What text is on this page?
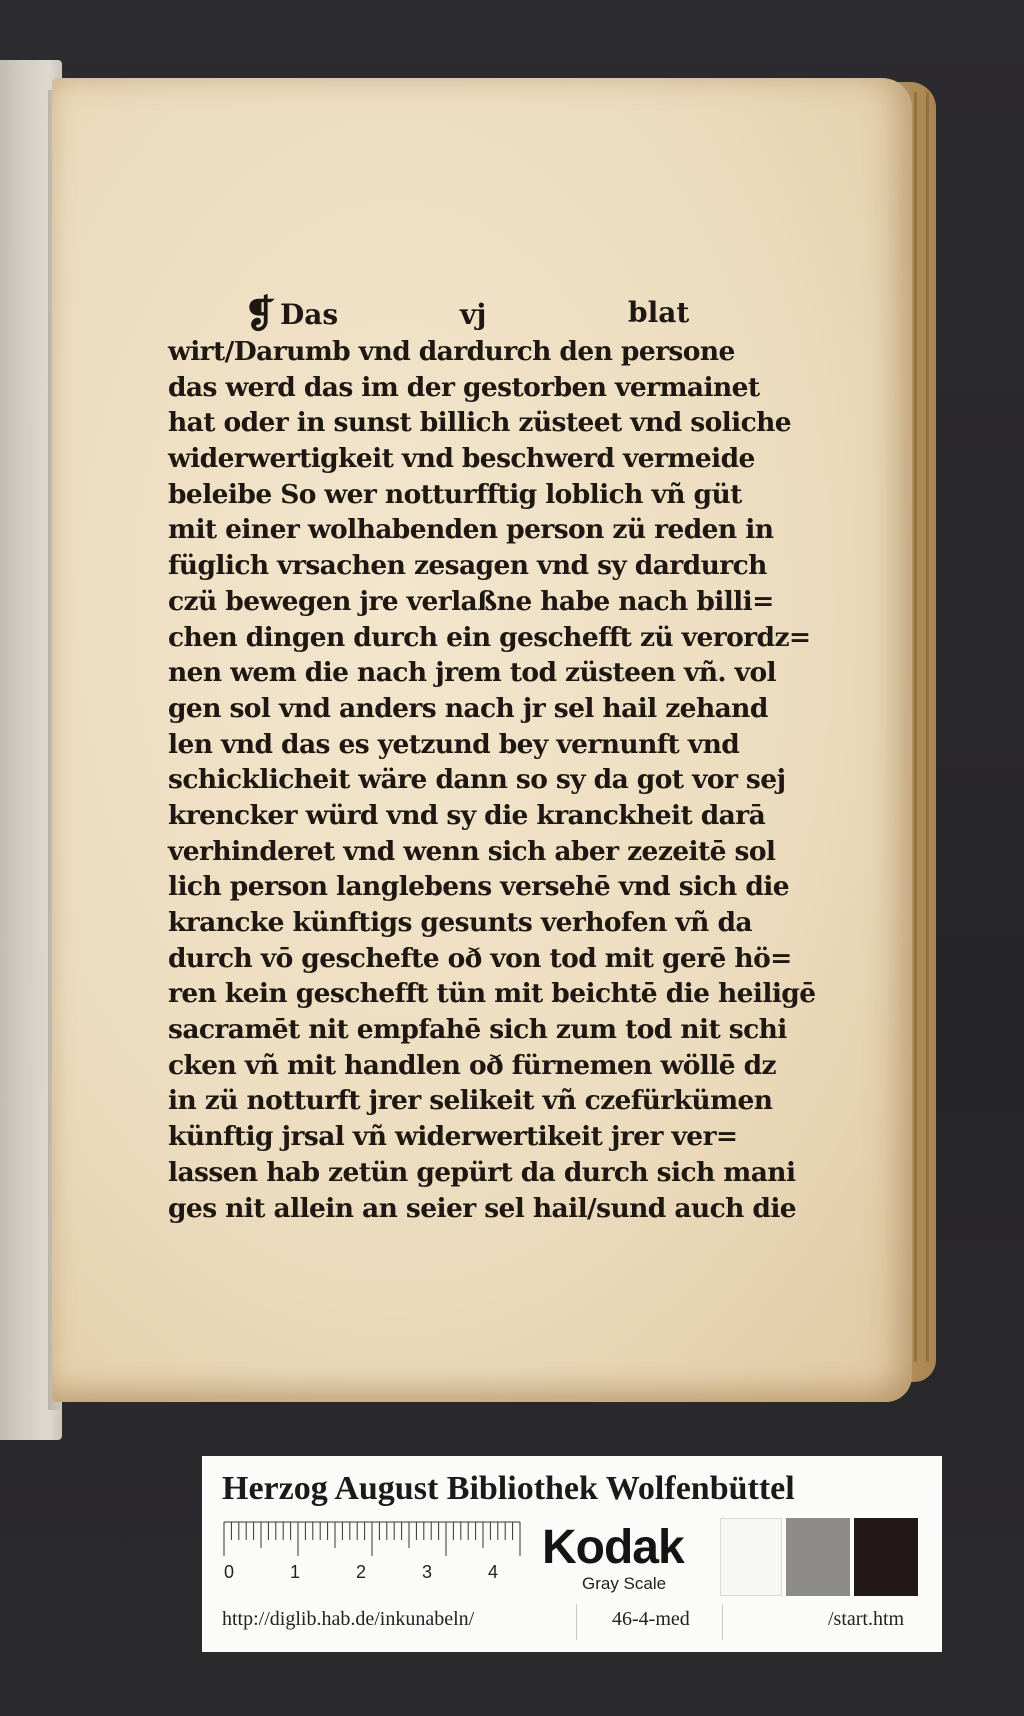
❡ Das	vj	blat
wirt/Darumb vnd dardurch den persone
das werd das im der gestorben vermainet
hat oder in sunst billich züsteet vnd soliche
widerwertigkeit vnd beschwerd vermeide
beleibe So wer notturfftig loblich vñ güt
mit einer wolhabenden person zü reden in
füglich vrsachen zesagen vnd sy dardurch
czü bewegen jre verlaßne habe nach billi=
chen dingen durch ein geschefft zü verordz=
nen wem die nach jrem tod züsteen vñ. vol
gen sol vnd anders nach jr sel hail zehand
len vnd das es yetzund bey vernunft vnd
schicklicheit wäre dann so sy da got vor sej
krencker würd vnd sy die kranckheit darā
verhinderet vnd wenn sich aber zezeitē sol
lich person langlebens versehē vnd sich die
krancke künftigs gesunts verhofen vñ da
durch vō geschefte oð von tod mit gerē hö=
ren kein geschefft tün mit beichtē die heiligē
sacramēt nit empfahē sich zum tod nit schi
cken vñ mit handlen oð fürnemen wöllē dz
in zü notturft jrer selikeit vñ czefürkümen
künftig jrsal vñ widerwertikeit jrer ver=
lassen hab zetün gepürt da durch sich mani
ges nit allein an seier sel hail/sund auch die
Herzog August Bibliothek Wolfenbüttel
0	1	2	3	4 Kodak
Gray Scale
http://diglib.hab.de/inkunabeln/	46-4-med	/start.htm
